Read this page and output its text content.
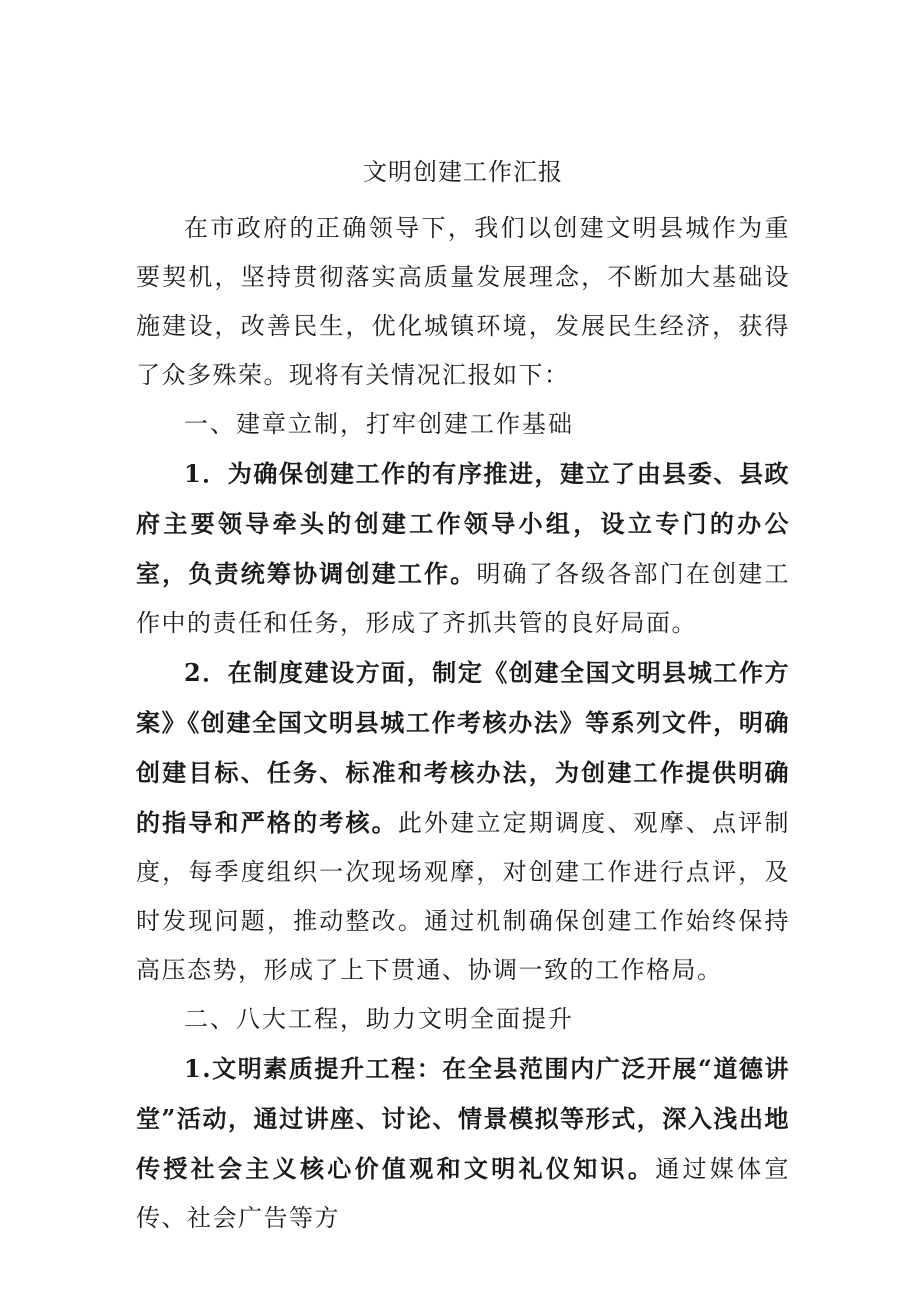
文明创建工作汇报

在市政府的正确领导下，我们以创建文明县城作为重要契机，坚持贯彻落实高质量发展理念，不断加大基础设施建设，改善民生，优化城镇环境，发展民生经济，获得了众多殊荣。现将有关情况汇报如下：

一、建章立制，打牢创建工作基础

1．为确保创建工作的有序推进，建立了由县委、县政府主要领导牵头的创建工作领导小组，设立专门的办公室，负责统筹协调创建工作。明确了各级各部门在创建工作中的责任和任务，形成了齐抓共管的良好局面。

2．在制度建设方面，制定《创建全国文明县城工作方案》《创建全国文明县城工作考核办法》等系列文件，明确创建目标、任务、标准和考核办法，为创建工作提供明确的指导和严格的考核。此外建立定期调度、观摩、点评制度，每季度组织一次现场观摩，对创建工作进行点评，及时发现问题，推动整改。通过机制确保创建工作始终保持高压态势，形成了上下贯通、协调一致的工作格局。

二、八大工程，助力文明全面提升

1.文明素质提升工程：在全县范围内广泛开展“道德讲堂”活动，通过讲座、讨论、情景模拟等形式，深入浅出地传授社会主义核心价值观和文明礼仪知识。通过媒体宣传、社会广告等方
